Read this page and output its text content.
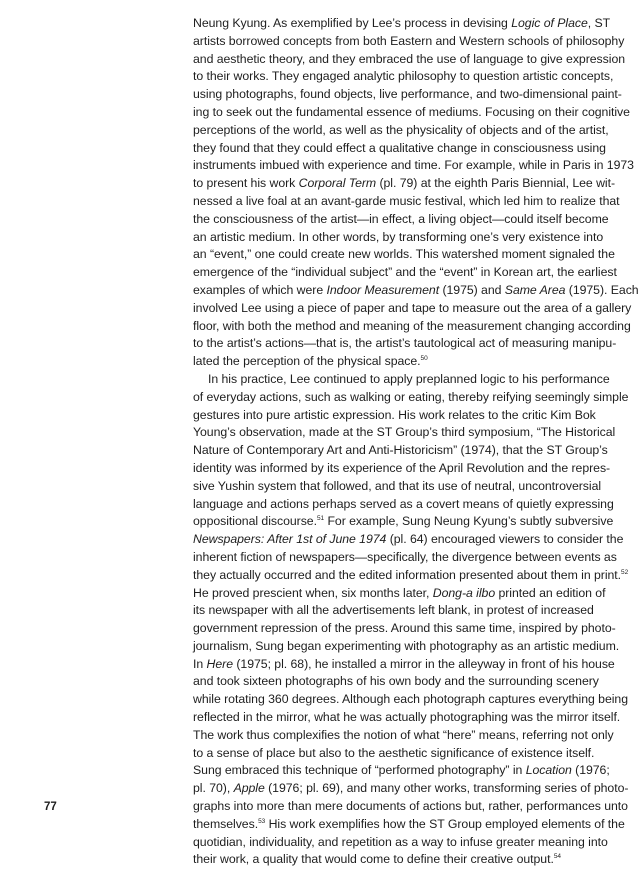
Neung Kyung. As exemplified by Lee’s process in devising Logic of Place, ST
artists borrowed concepts from both Eastern and Western schools of philosophy
and aesthetic theory, and they embraced the use of language to give expression
to their works. They engaged analytic philosophy to question artistic concepts,
using photographs, found objects, live performance, and two-dimensional paint-
ing to seek out the fundamental essence of mediums. Focusing on their cognitive
perceptions of the world, as well as the physicality of objects and of the artist,
they found that they could effect a qualitative change in consciousness using
instruments imbued with experience and time. For example, while in Paris in 1973
to present his work Corporal Term (pl. 79) at the eighth Paris Biennial, Lee wit-
nessed a live foal at an avant-garde music festival, which led him to realize that
the consciousness of the artist—in effect, a living object—could itself become
an artistic medium. In other words, by transforming one’s very existence into
an “event,” one could create new worlds. This watershed moment signaled the
emergence of the “individual subject” and the “event” in Korean art, the earliest
examples of which were Indoor Measurement (1975) and Same Area (1975). Each
involved Lee using a piece of paper and tape to measure out the area of a gallery
floor, with both the method and meaning of the measurement changing according
to the artist’s actions—that is, the artist’s tautological act of measuring manipu-
lated the perception of the physical space.$^{50}$
In his practice, Lee continued to apply preplanned logic to his performance
of everyday actions, such as walking or eating, thereby reifying seemingly simple
gestures into pure artistic expression. His work relates to the critic Kim Bok
Young’s observation, made at the ST Group’s third symposium, “The Historical
Nature of Contemporary Art and Anti-Historicism” (1974), that the ST Group’s
identity was informed by its experience of the April Revolution and the repres-
sive Yushin system that followed, and that its use of neutral, uncontroversial
language and actions perhaps served as a covert means of quietly expressing
oppositional discourse.$^{51}$ For example, Sung Neung Kyung’s subtly subversive
Newspapers: After 1st of June 1974 (pl. 64) encouraged viewers to consider the
inherent fiction of newspapers—specifically, the divergence between events as
they actually occurred and the edited information presented about them in print.$^{52}$
He proved prescient when, six months later, Dong-a ilbo printed an edition of
its newspaper with all the advertisements left blank, in protest of increased
government repression of the press. Around this same time, inspired by photo-
journalism, Sung began experimenting with photography as an artistic medium.
In Here (1975; pl. 68), he installed a mirror in the alleyway in front of his house
and took sixteen photographs of his own body and the surrounding scenery
while rotating 360 degrees. Although each photograph captures everything being
reflected in the mirror, what he was actually photographing was the mirror itself.
The work thus complexifies the notion of what “here” means, referring not only
to a sense of place but also to the aesthetic significance of existence itself.
Sung embraced this technique of “performed photography” in Location (1976;
pl. 70), Apple (1976; pl. 69), and many other works, transforming series of photo-
graphs into more than mere documents of actions but, rather, performances unto
themselves.$^{53}$ His work exemplifies how the ST Group employed elements of the
quotidian, individuality, and repetition as a way to infuse greater meaning into
their work, a quality that would come to define their creative output.$^{54}$
77
